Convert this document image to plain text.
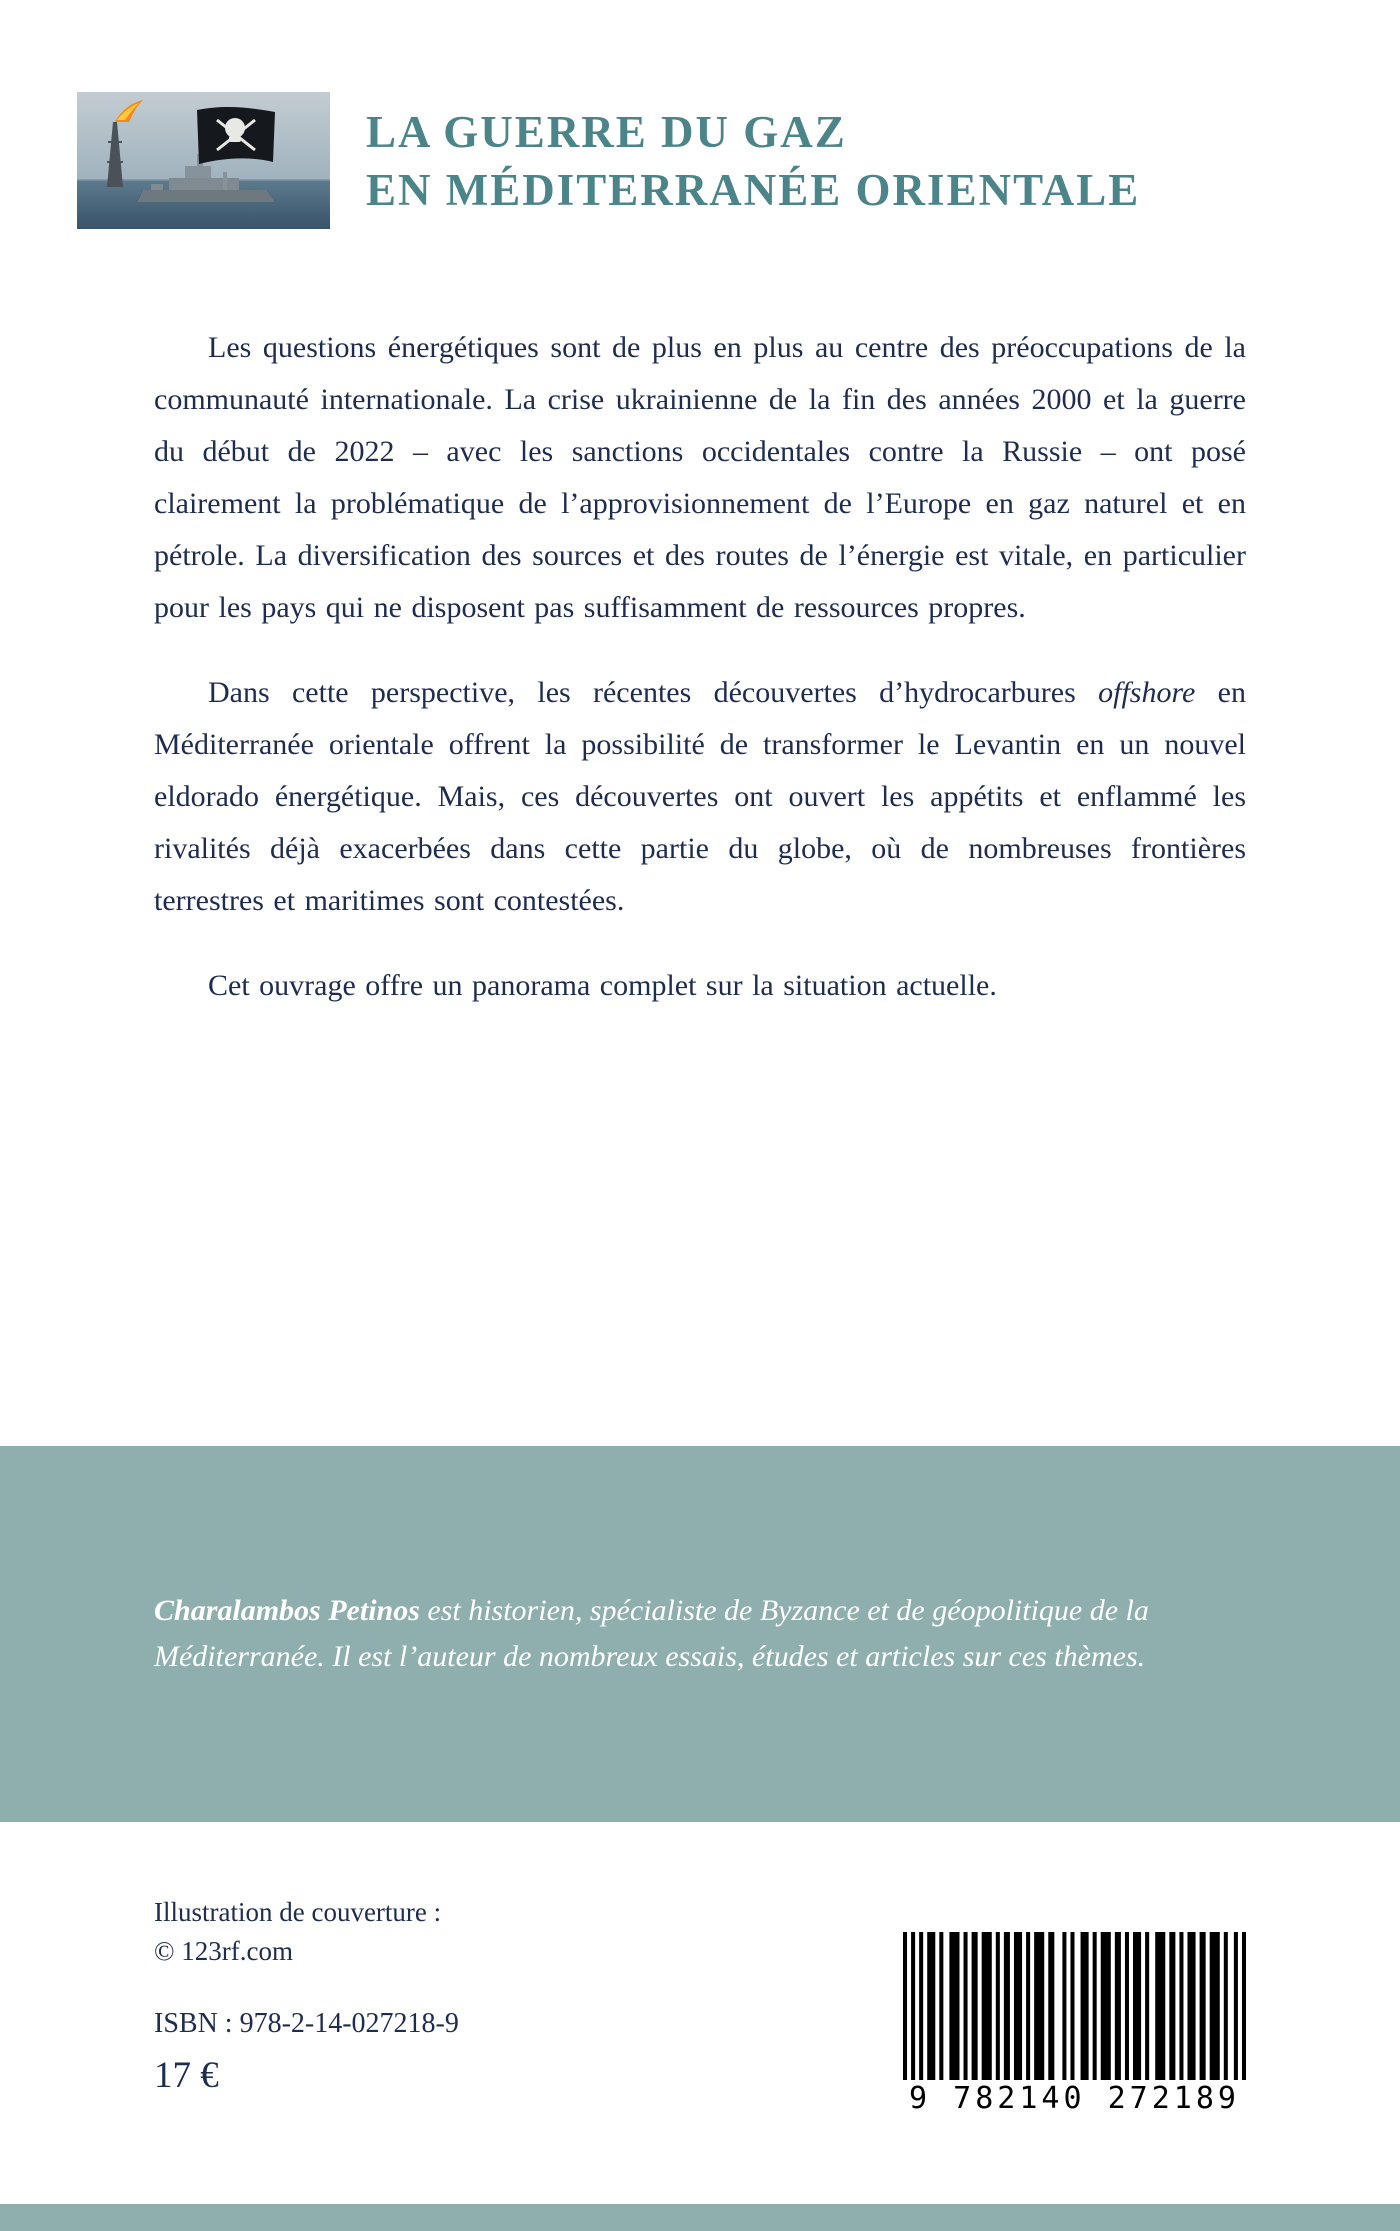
LA GUERRE DU GAZ
EN MÉDITERRANÉE ORIENTALE

Les questions énergétiques sont de plus en plus au centre des préoccupations de la communauté internationale. La crise ukrainienne de la fin des années 2000 et la guerre du début de 2022 – avec les sanctions occidentales contre la Russie – ont posé clairement la problématique de l’approvisionnement de l’Europe en gaz naturel et en pétrole. La diversification des sources et des routes de l’énergie est vitale, en particulier pour les pays qui ne disposent pas suffisamment de ressources propres.

Dans cette perspective, les récentes découvertes d’hydrocarbures offshore en Méditerranée orientale offrent la possibilité de transformer le Levantin en un nouvel eldorado énergétique. Mais, ces découvertes ont ouvert les appétits et enflammé les rivalités déjà exacerbées dans cette partie du globe, où de nombreuses frontières terrestres et maritimes sont contestées.

Cet ouvrage offre un panorama complet sur la situation actuelle.

Charalambos Petinos est historien, spécialiste de Byzance et de géopolitique de la Méditerranée. Il est l’auteur de nombreux essais, études et articles sur ces thèmes.
Illustration de couverture :
© 123rf.com
ISBN : 978-2-14-027218-9
17 €
9 782140 272189
